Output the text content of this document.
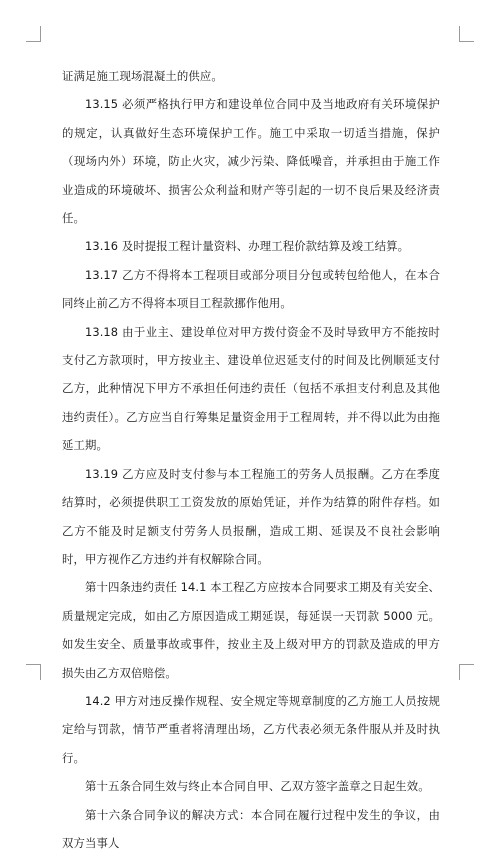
证满足施工现场混凝土的供应。

13.15 必须严格执行甲方和建设单位合同中及当地政府有关环境保护的规定，认真做好生态环境保护工作。施工中采取一切适当措施，保护（现场内外）环境，防止火灾，减少污染、降低噪音，并承担由于施工作业造成的环境破坏、损害公众利益和财产等引起的一切不良后果及经济责任。

13.16 及时提报工程计量资料、办理工程价款结算及竣工结算。

13.17 乙方不得将本工程项目或部分项目分包或转包给他人，在本合同终止前乙方不得将本项目工程款挪作他用。

13.18 由于业主、建设单位对甲方拨付资金不及时导致甲方不能按时支付乙方款项时，甲方按业主、建设单位迟延支付的时间及比例顺延支付乙方，此种情况下甲方不承担任何违约责任（包括不承担支付利息及其他违约责任）。乙方应当自行筹集足量资金用于工程周转，并不得以此为由拖延工期。

13.19 乙方应及时支付参与本工程施工的劳务人员报酬。乙方在季度结算时，必须提供职工工资发放的原始凭证，并作为结算的附件存档。如乙方不能及时足额支付劳务人员报酬，造成工期、延误及不良社会影响时，甲方视作乙方违约并有权解除合同。

第十四条违约责任 14.1 本工程乙方应按本合同要求工期及有关安全、质量规定完成，如由乙方原因造成工期延误，每延误一天罚款 5000 元。如发生安全、质量事故或事件，按业主及上级对甲方的罚款及造成的甲方损失由乙方双倍赔偿。

14.2 甲方对违反操作规程、安全规定等规章制度的乙方施工人员按规定给与罚款，情节严重者将清理出场，乙方代表必须无条件服从并及时执行。

第十五条合同生效与终止本合同自甲、乙双方签字盖章之日起生效。

第十六条合同争议的解决方式：本合同在履行过程中发生的争议，由双方当事人
